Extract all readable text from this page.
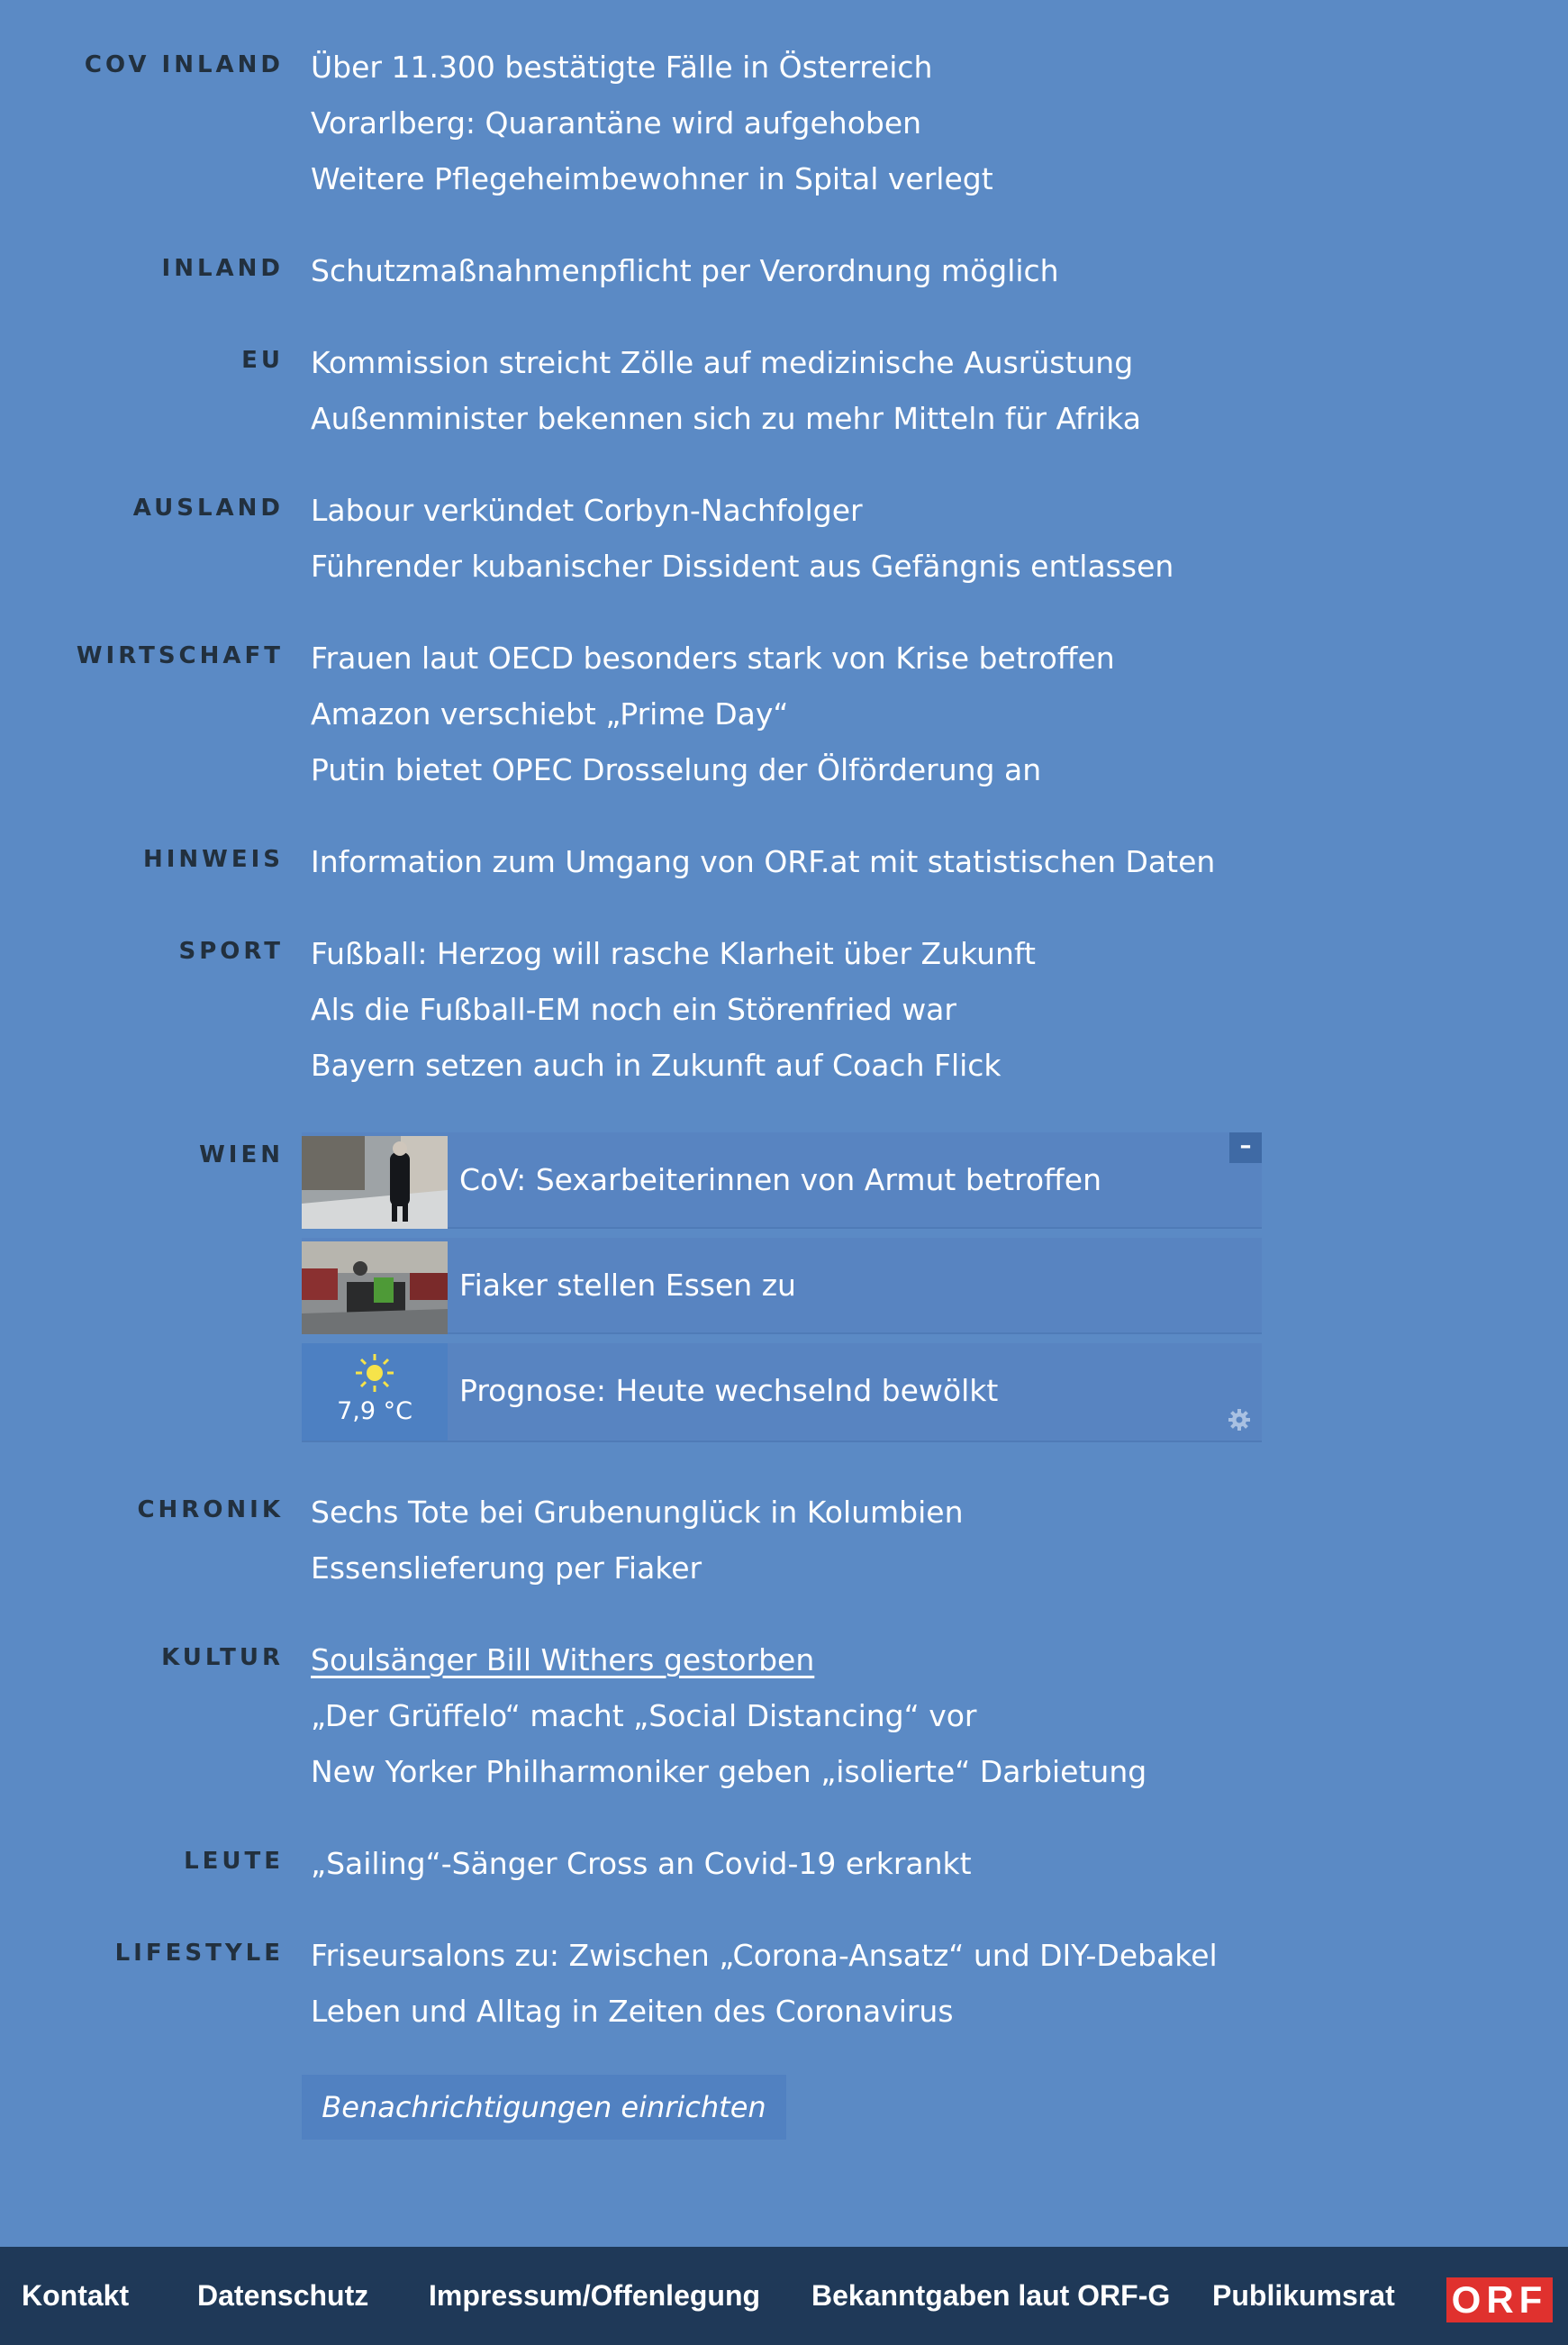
COV INLAND Über 11.300 bestätigte Fälle in Österreich
Vorarlberg: Quarantäne wird aufgehoben
Weitere Pflegeheimbewohner in Spital verlegt
INLAND Schutzmaßnahmenpflicht per Verordnung möglich
EU Kommission streicht Zölle auf medizinische Ausrüstung
Außenminister bekennen sich zu mehr Mitteln für Afrika
AUSLAND Labour verkündet Corbyn-Nachfolger
Führender kubanischer Dissident aus Gefängnis entlassen
WIRTSCHAFT Frauen laut OECD besonders stark von Krise betroffen
Amazon verschiebt „Prime Day“
Putin bietet OPEC Drosselung der Ölförderung an
HINWEIS Information zum Umgang von ORF.at mit statistischen Daten
SPORT Fußball: Herzog will rasche Klarheit über Zukunft
Als die Fußball-EM noch ein Störenfried war
Bayern setzen auch in Zukunft auf Coach Flick
WIEN
CoV: Sexarbeiterinnen von Armut betroffen
–
Fiaker stellen Essen zu
7,9 °C
Prognose: Heute wechselnd bewölkt
CHRONIK Sechs Tote bei Grubenunglück in Kolumbien
Essenslieferung per Fiaker
KULTUR Soulsänger Bill Withers gestorben
„Der Grüffelo“ macht „Social Distancing“ vor
New Yorker Philharmoniker geben „isolierte“ Darbietung
LEUTE „Sailing“-Sänger Cross an Covid-19 erkrankt
LIFESTYLE Friseursalons zu: Zwischen „Corona-Ansatz“ und DIY-Debakel
Leben und Alltag in Zeiten des Coronavirus
Benachrichtigungen einrichten
Kontakt Datenschutz Impressum/Offenlegung Bekanntgaben laut ORF-G Publikumsrat ORF
